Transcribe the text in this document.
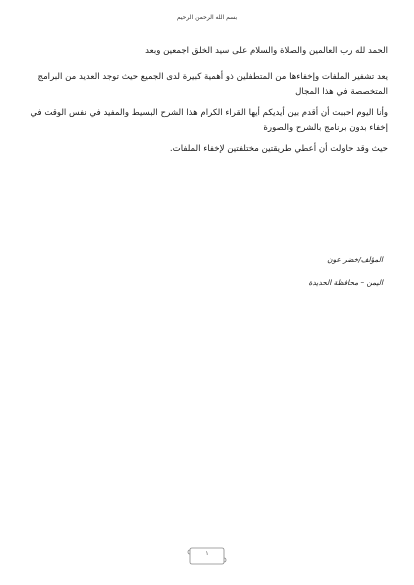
بسم الله الرحمن الرحيم

الحمد لله رب العالمين والصلاة والسلام على سيد الخلق اجمعين وبعد

يعد تشفير الملفات وإخفاءها من المتطفلين ذو أهمية كبيرة لدى الجميع حيث توجد العديد من البرامج المتخصصة في هذا المجال

وأنا اليوم احببت أن أقدم بين أيديكم أيها القراء الكرام هذا الشرح البسيط والمفيد في نفس الوقت في إخفاء بدون برنامج بالشرح والصورة

حيث وقد حاولت أن أعطي طريقتين مختلفتين لإخفاء الملفات.

المؤلف/خضر عون
اليمن – محافظة الحديدة
١
